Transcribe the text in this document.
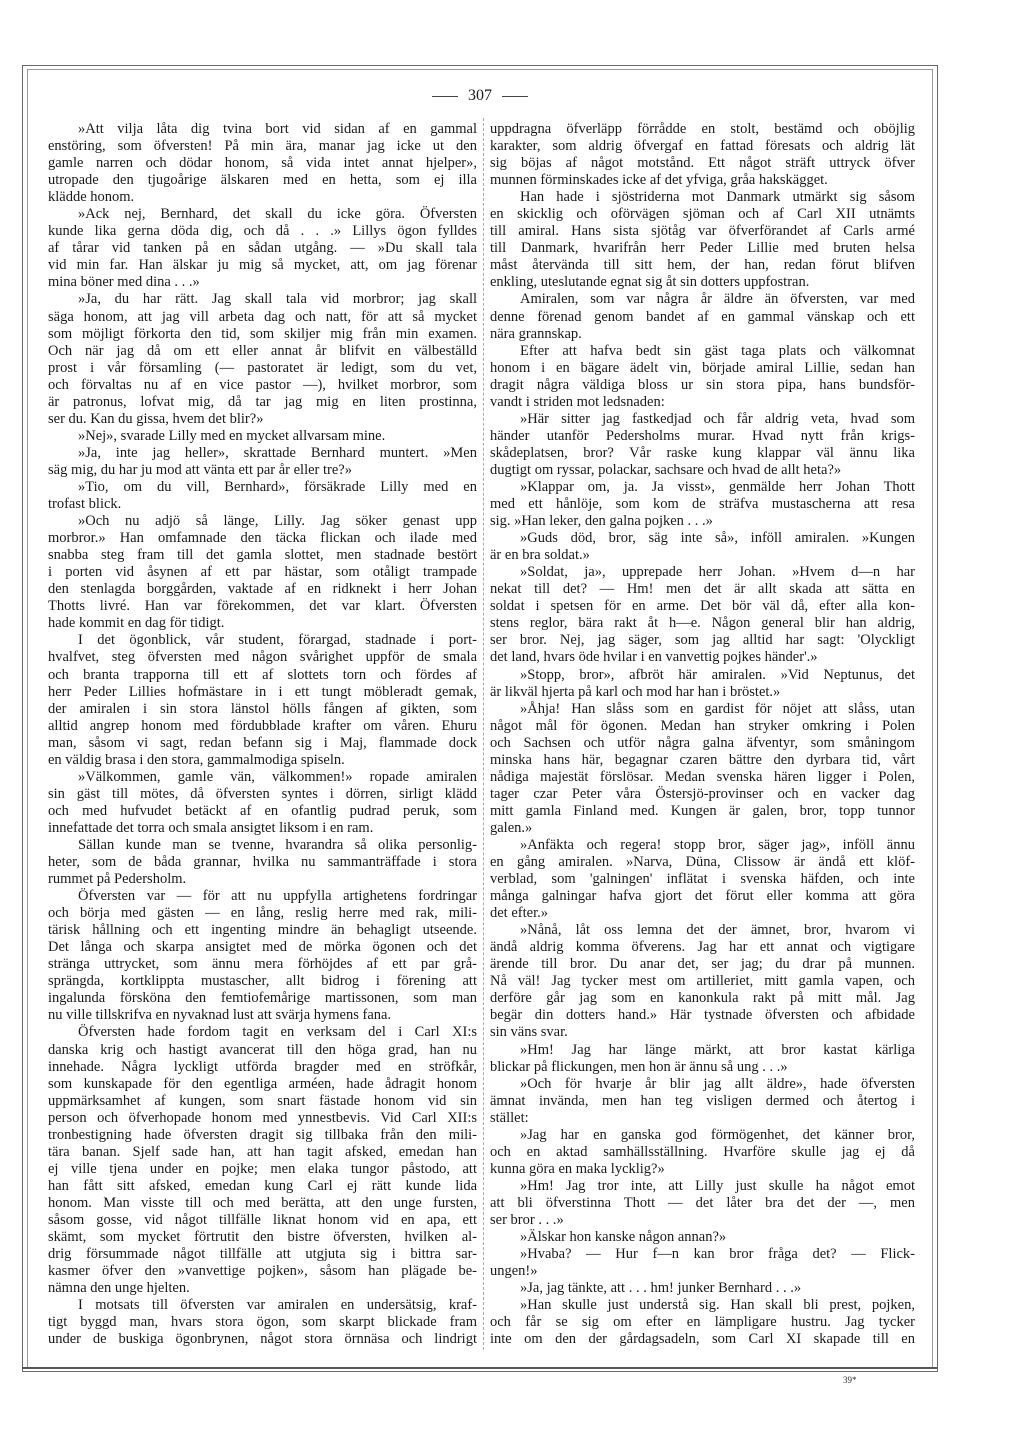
307
»Att vilja låta dig tvina bort vid sidan af en gammal
enstöring, som öfversten! På min ära, manar jag icke ut den
gamle narren och dödar honom, så vida intet annat hjelper»,
utropade den tjugoårige älskaren med en hetta, som ej illa
klädde honom.
»Ack nej, Bernhard, det skall du icke göra. Öfversten
kunde lika gerna döda dig, och då . . .» Lillys ögon fylldes
af tårar vid tanken på en sådan utgång. — »Du skall tala
vid min far. Han älskar ju mig så mycket, att, om jag förenar
mina böner med dina . . .»
»Ja, du har rätt. Jag skall tala vid morbror; jag skall
säga honom, att jag vill arbeta dag och natt, för att så mycket
som möjligt förkorta den tid, som skiljer mig från min examen.
Och när jag då om ett eller annat år blifvit en välbeställd
prost i vår församling (— pastoratet är ledigt, som du vet,
och förvaltas nu af en vice pastor —), hvilket morbror, som
är patronus, lofvat mig, då tar jag mig en liten prostinna,
ser du. Kan du gissa, hvem det blir?»
»Nej», svarade Lilly med en mycket allvarsam mine.
»Ja, inte jag heller», skrattade Bernhard muntert. »Men
säg mig, du har ju mod att vänta ett par år eller tre?»
»Tio, om du vill, Bernhard», försäkrade Lilly med en
trofast blick.
»Och nu adjö så länge, Lilly. Jag söker genast upp
morbror.» Han omfamnade den täcka flickan och ilade med
snabba steg fram till det gamla slottet, men stadnade bestört
i porten vid åsynen af ett par hästar, som otåligt trampade
den stenlagda borggården, vaktade af en ridknekt i herr Johan
Thotts livré. Han var förekommen, det var klart. Öfversten
hade kommit en dag för tidigt.
I det ögonblick, vår student, förargad, stadnade i port-
hvalfvet, steg öfversten med någon svårighet uppför de smala
och branta trapporna till ett af slottets torn och fördes af
herr Peder Lillies hofmästare in i ett tungt möbleradt gemak,
der amiralen i sin stora länstol hölls fången af gikten, som
alltid angrep honom med fördubblade krafter om våren. Ehuru
man, såsom vi sagt, redan befann sig i Maj, flammade dock
en väldig brasa i den stora, gammalmodiga spiseln.
»Välkommen, gamle vän, välkommen!» ropade amiralen
sin gäst till mötes, då öfversten syntes i dörren, sirligt klädd
och med hufvudet betäckt af en ofantlig pudrad peruk, som
innefattade det torra och smala ansigtet liksom i en ram.
Sällan kunde man se tvenne, hvarandra så olika personlig-
heter, som de båda grannar, hvilka nu sammanträffade i stora
rummet på Pedersholm.
Öfversten var — för att nu uppfylla artighetens fordringar
och börja med gästen — en lång, reslig herre med rak, mili-
tärisk hållning och ett ingenting mindre än behagligt utseende.
Det långa och skarpa ansigtet med de mörka ögonen och det
stränga uttrycket, som ännu mera förhöjdes af ett par grå-
sprängda, kortklippta mustascher, allt bidrog i förening att
ingalunda försköna den femtiofemårige martissonen, som man
nu ville tillskrifva en nyvaknad lust att svärja hymens fana.
Öfversten hade fordom tagit en verksam del i Carl XI:s
danska krig och hastigt avancerat till den höga grad, han nu
innehade. Några lyckligt utförda bragder med en ströfkår,
som kunskapade för den egentliga arméen, hade ådragit honom
uppmärksamhet af kungen, som snart fästade honom vid sin
person och öfverhopade honom med ynnestbevis. Vid Carl XII:s
tronbestigning hade öfversten dragit sig tillbaka från den mili-
tära banan. Sjelf sade han, att han tagit afsked, emedan han
ej ville tjena under en pojke; men elaka tungor påstodo, att
han fått sitt afsked, emedan kung Carl ej rätt kunde lida
honom. Man visste till och med berätta, att den unge fursten,
såsom gosse, vid något tillfälle liknat honom vid en apa, ett
skämt, som mycket förtrutit den bistre öfversten, hvilken al-
drig försummade något tillfälle att utgjuta sig i bittra sar-
kasmer öfver den »vanvettige pojken», såsom han plägade be-
nämna den unge hjelten.
I motsats till öfversten var amiralen en undersätsig, kraf-
tigt byggd man, hvars stora ögon, som skarpt blickade fram
under de buskiga ögonbrynen, något stora örnnäsa och lindrigt
uppdragna öfverläpp förrådde en stolt, bestämd och oböjlig
karakter, som aldrig öfvergaf en fattad föresats och aldrig lät
sig böjas af något motstånd. Ett något sträft uttryck öfver
munnen förminskades icke af det yfviga, gråa hakskägget.
Han hade i sjöstriderna mot Danmark utmärkt sig såsom
en skicklig och oförvägen sjöman och af Carl XII utnämts
till amiral. Hans sista sjötåg var öfverförandet af Carls armé
till Danmark, hvarifrån herr Peder Lillie med bruten helsa
måst återvända till sitt hem, der han, redan förut blifven
enkling, uteslutande egnat sig åt sin dotters uppfostran.
Amiralen, som var några år äldre än öfversten, var med
denne förenad genom bandet af en gammal vänskap och ett
nära grannskap.
Efter att hafva bedt sin gäst taga plats och välkomnat
honom i en bägare ädelt vin, började amiral Lillie, sedan han
dragit några väldiga bloss ur sin stora pipa, hans bundsför-
vandt i striden mot ledsnaden:
»Här sitter jag fastkedjad och får aldrig veta, hvad som
händer utanför Pedersholms murar. Hvad nytt från krigs-
skådeplatsen, bror? Vår raske kung klappar väl ännu lika
dugtigt om ryssar, polackar, sachsare och hvad de allt heta?»
»Klappar om, ja. Ja visst», genmälde herr Johan Thott
med ett hånlöje, som kom de sträfva mustascherna att resa
sig. »Han leker, den galna pojken . . .»
»Guds död, bror, säg inte så», inföll amiralen. »Kungen
är en bra soldat.»
»Soldat, ja», upprepade herr Johan. »Hvem d—n har
nekat till det? — Hm! men det är allt skada att sätta en
soldat i spetsen för en arme. Det bör väl då, efter alla kon-
stens reglor, bära rakt åt h—e. Någon general blir han aldrig,
ser bror. Nej, jag säger, som jag alltid har sagt: 'Olyckligt
det land, hvars öde hvilar i en vanvettig pojkes händer'.»
»Stopp, bror», afbröt här amiralen. »Vid Neptunus, det
är likväl hjerta på karl och mod har han i bröstet.»
»Åhja! Han slåss som en gardist för nöjet att slåss, utan
något mål för ögonen. Medan han stryker omkring i Polen
och Sachsen och utför några galna äfventyr, som småningom
minska hans här, begagnar czaren bättre den dyrbara tid, vårt
nådiga majestät förslösar. Medan svenska hären ligger i Polen,
tager czar Peter våra Östersjö-provinser och en vacker dag
mitt gamla Finland med. Kungen är galen, bror, topp tunnor
galen.»
»Anfäkta och regera! stopp bror, säger jag», inföll ännu
en gång amiralen. »Narva, Düna, Clissow är ändå ett klöf-
verblad, som 'galningen' inflätat i svenska häfden, och inte
många galningar hafva gjort det förut eller komma att göra
det efter.»
»Nånå, låt oss lemna det der ämnet, bror, hvarom vi
ändå aldrig komma öfverens. Jag har ett annat och vigtigare
ärende till bror. Du anar det, ser jag; du drar på munnen.
Nå väl! Jag tycker mest om artilleriet, mitt gamla vapen, och
derföre går jag som en kanonkula rakt på mitt mål. Jag
begär din dotters hand.» Här tystnade öfversten och afbidade
sin väns svar.
»Hm! Jag har länge märkt, att bror kastat kärliga
blickar på flickungen, men hon är ännu så ung . . .»
»Och för hvarje år blir jag allt äldre», hade öfversten
ämnat invända, men han teg visligen dermed och återtog i
stället:
»Jag har en ganska god förmögenhet, det känner bror,
och en aktad samhällsställning. Hvarföre skulle jag ej då
kunna göra en maka lycklig?»
»Hm! Jag tror inte, att Lilly just skulle ha något emot
att bli öfverstinna Thott — det låter bra det der —, men
ser bror . . .»
»Älskar hon kanske någon annan?»
»Hvaba? — Hur f—n kan bror fråga det? — Flick-
ungen!»
»Ja, jag tänkte, att . . . hm! junker Bernhard . . .»
»Han skulle just understå sig. Han skall bli prest, pojken,
och får se sig om efter en lämpligare hustru. Jag tycker
inte om den der gårdagsadeln, som Carl XI skapade till en
39*
